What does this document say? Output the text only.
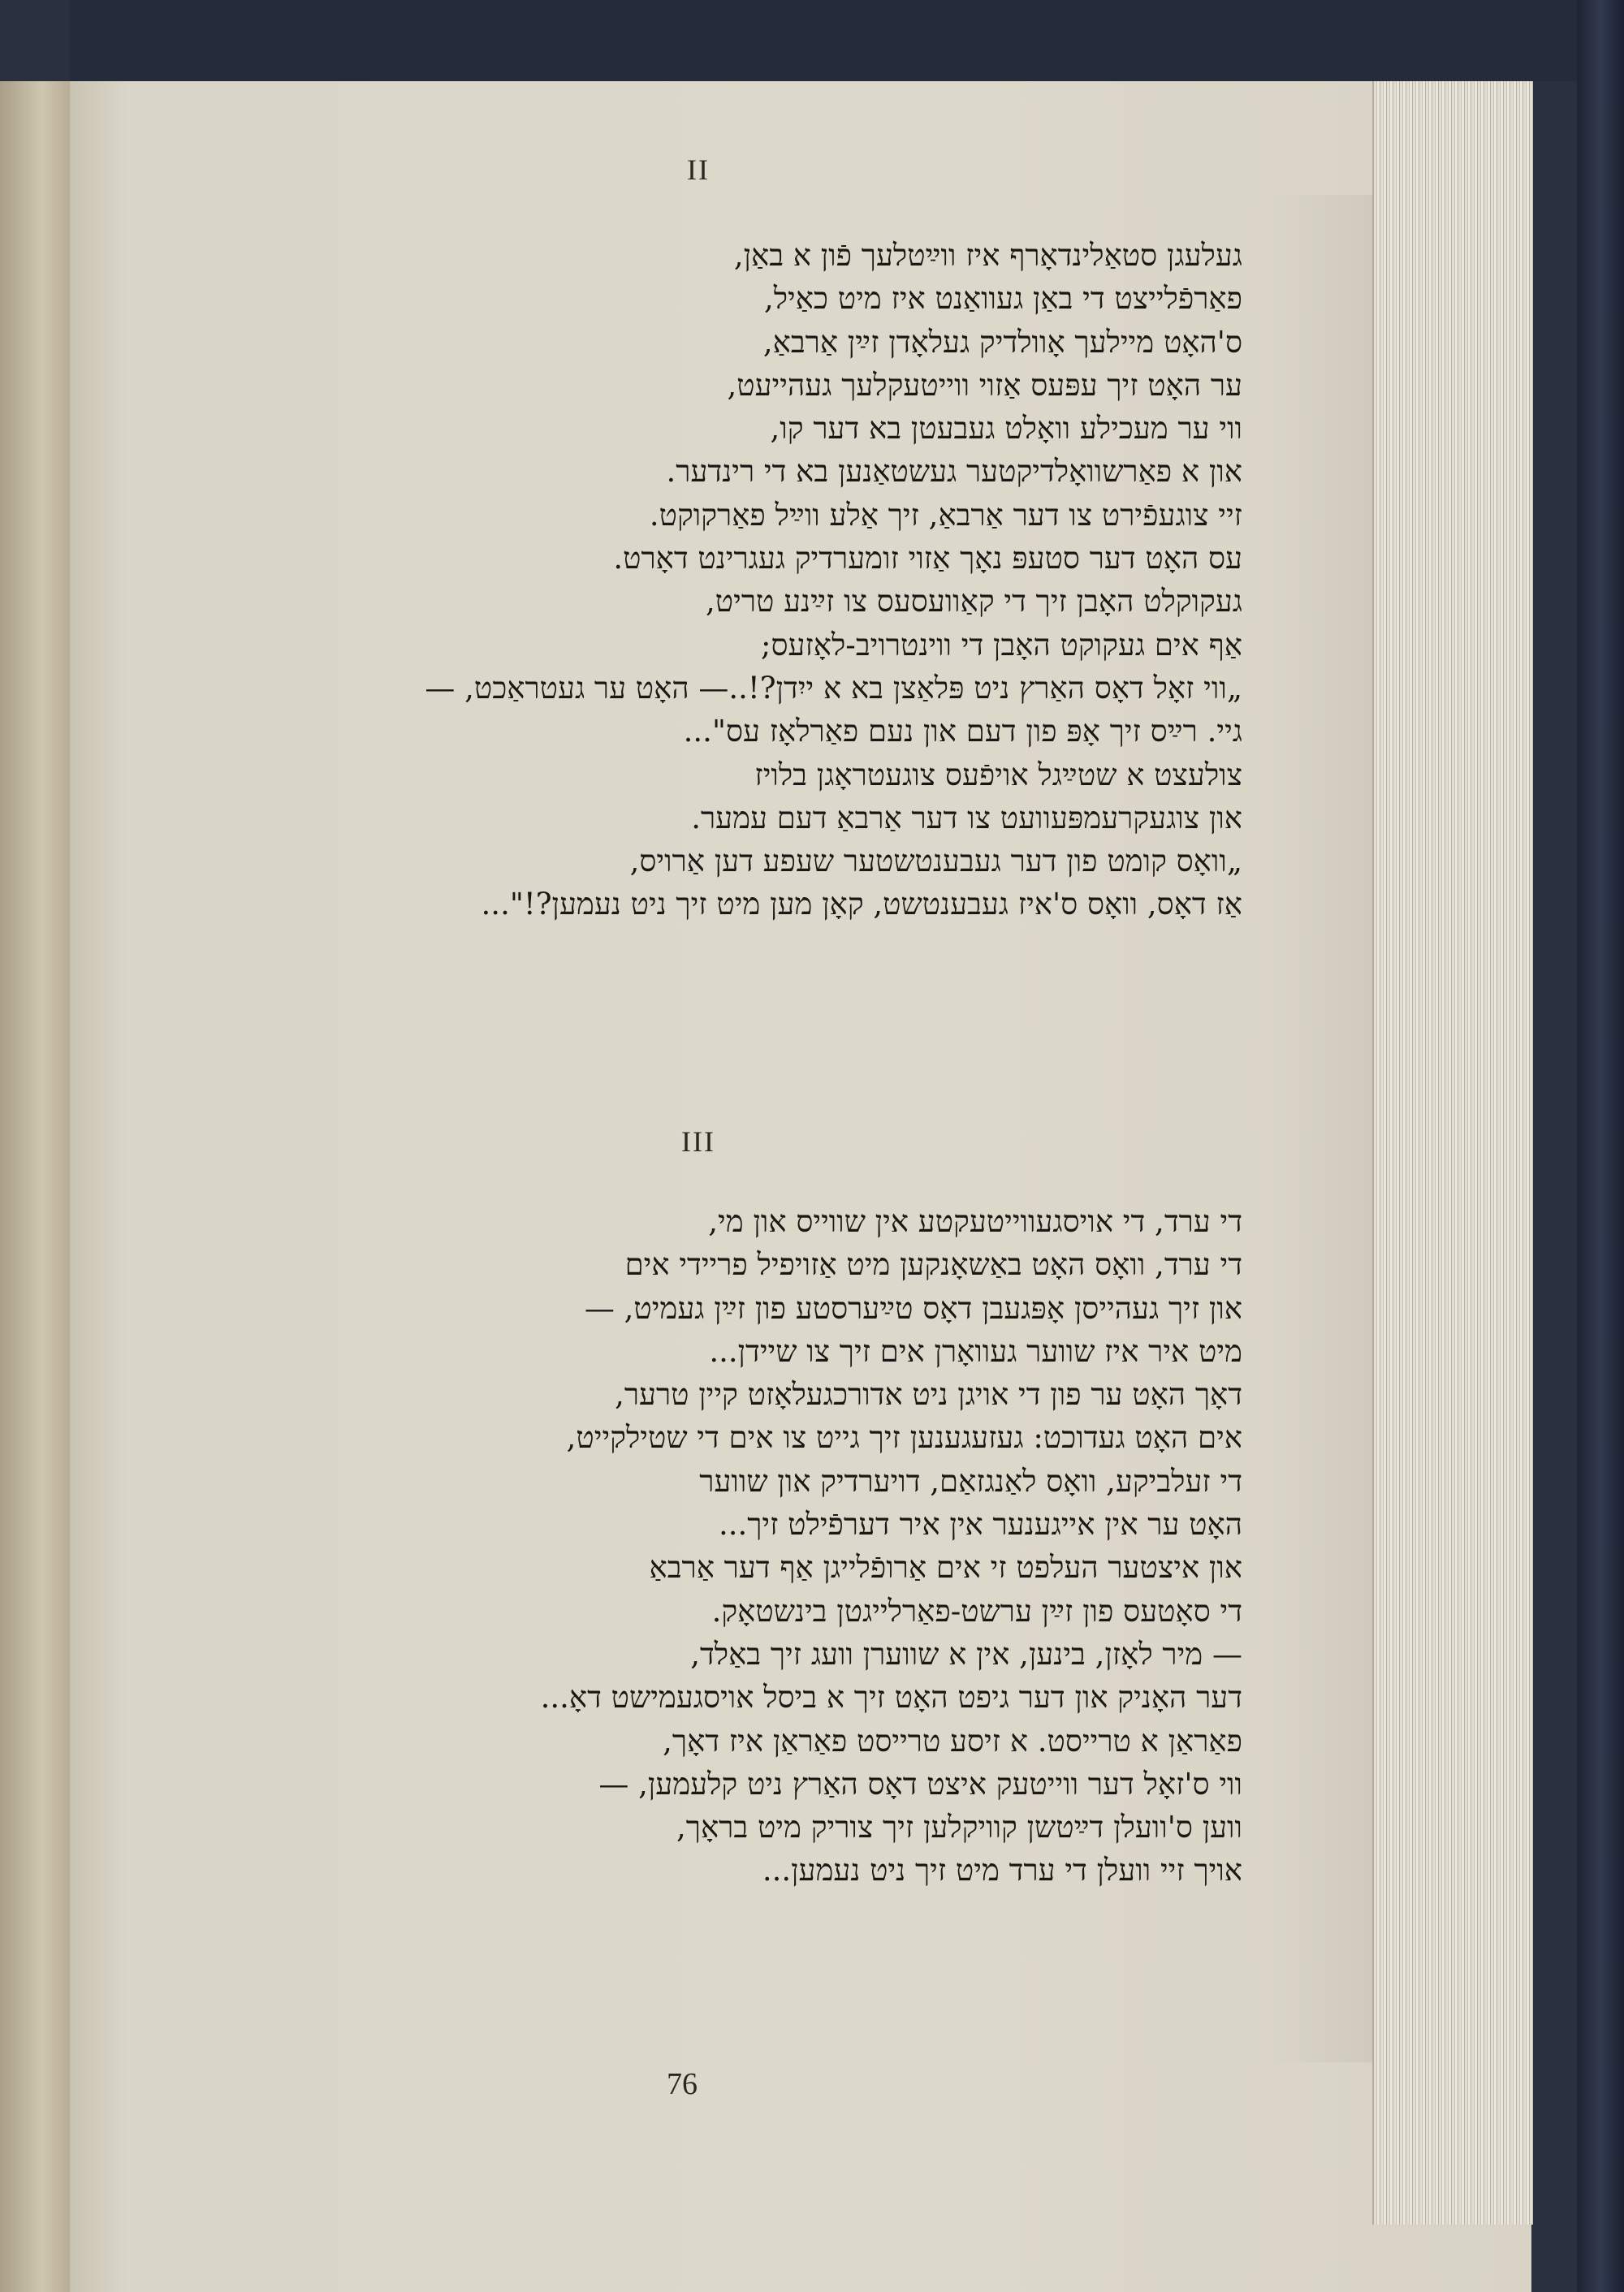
II
געלעגן סטאַלינדאָרף איז ווײַטלעך פֿון א באַן,
פאַרפֿלייצט די באַן געוואַנט איז מיט כאַיל,
ס'האָט מיילעך אָוולדיק געלאָדן זײַן אַרבאַ,
ער האָט זיך עפּעס אַזוי ווייטעקלעך געהייעט,
ווי ער מעכילע וואָלט געבעטן בא דער קו,
און א פאַרשוואָלדיקטער געשטאַנען בא די רינדער.
זיי צוגעפֿירט צו דער אַרבאַ, זיך אַלע ווײַל פאַרקוקט.
עס האָט דער סטעפּ נאָך אַזוי זומערדיק געגרינט דאָרט.
געקוקלט האָבן זיך די קאַוועסעס צו זײַנע טריט,
אַף אים געקוקט האָבן די ווינטרויב-לאָזעס;
„ווי זאָל דאָס האַרץ ניט פּלאַצן בא א ייִדן?!..— האָט ער געטראַכט, —
גיי. רײַס זיך אָפּ פון דעם און נעם פאַרלאָז עס"...
צולעצט א שטײַגל אויפֿעס צוגעטראָגן בלויז
און צוגעקרעמפּעוועט צו דער אַרבאַ דעם עמער.
„וואָס קומט פון דער געבענטשטער שעפע דען אַרויס,
אַז דאָס, וואָס ס'איז געבענטשט, קאָן מען מיט זיך ניט נעמען?!"...
III
די ערד, די אויסגעווייטעקטע אין שווייס און מי,
די ערד, וואָס האָט באַשאָנקען מיט אַזויפיל פריידי אים
און זיך געהייסן אָפּגעבן דאָס טײַערסטע פון זײַן געמיט, —
מיט איר איז שווער געוואָרן אים זיך צו שיידן...
דאָך האָט ער פון די אויגן ניט אדורכגעלאָזט קיין טרער,
אים האָט געדוכט: געזעגענען זיך גייט צו אים די שטילקייט,
די זעלביקע, וואָס לאַנגזאַם, דויערדיק און שווער
האָט ער אין אייגענער אין איר דערפֿילט זיך...
און איצטער העלפט זי אים אַרופֿלייגן אַף דער אַרבאַ
די סאָטעס פון זײַן ערשט-פאַרלייגטן בינשטאָק.
— מיר לאָזן, בינען, אין א שווערן וועג זיך באַלד,
דער האָניק און דער גיפט האָט זיך א ביסל אויסגעמישט דאָ...
פאַראַן א טרייסט. א זיסע טרייסט פאַראַן איז דאָך,
ווי ס'זאָל דער ווייטעק איצט דאָס האַרץ ניט קלעמען, —
ווען ס'וועלן דײַטשן קוויקלען זיך צוריק מיט בראָך,
אויך זיי וועלן די ערד מיט זיך ניט נעמען...
76
